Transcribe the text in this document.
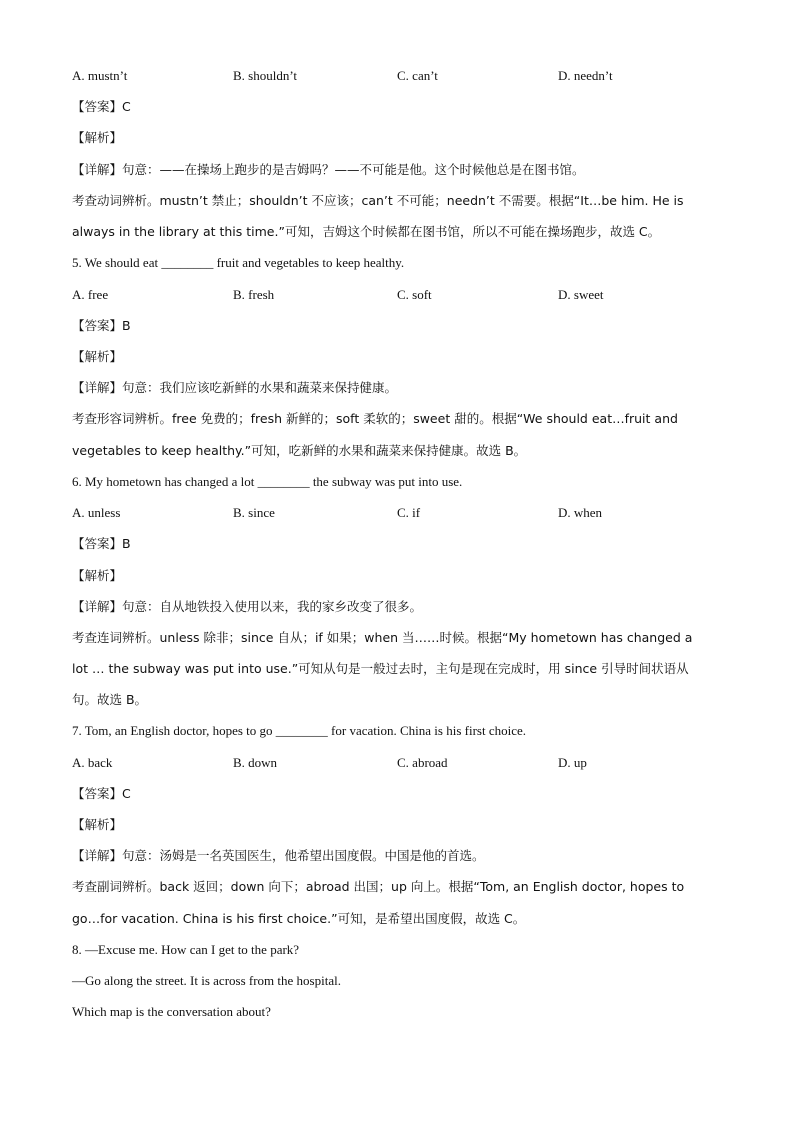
A. mustn’t	B. shouldn’t	C. can’t	D. needn’t
【答案】C
【解析】
【详解】句意：——在操场上跑步的是吉姆吗？——不可能是他。这个时候他总是在图书馆。
考查动词辨析。mustn’t 禁止；shouldn’t 不应该；can’t 不可能；needn’t 不需要。根据“It…be him. He is
always in the library at this time.”可知，吉姆这个时候都在图书馆，所以不可能在操场跑步，故选 C。
5. We should eat ________ fruit and vegetables to keep healthy.
A. free	B. fresh	C. soft	D. sweet
【答案】B
【解析】
【详解】句意：我们应该吃新鲜的水果和蔬菜来保持健康。
考查形容词辨析。free 免费的；fresh 新鲜的；soft 柔软的；sweet 甜的。根据“We should eat…fruit and
vegetables to keep healthy.”可知，吃新鲜的水果和蔬菜来保持健康。故选 B。
6. My hometown has changed a lot ________ the subway was put into use.
A. unless	B. since	C. if	D. when
【答案】B
【解析】
【详解】句意：自从地铁投入使用以来，我的家乡改变了很多。
考查连词辨析。unless 除非；since 自从；if 如果；when 当……时候。根据“My hometown has changed a
lot … the subway was put into use.”可知从句是一般过去时，主句是现在完成时，用 since 引导时间状语从
句。故选 B。
7. Tom, an English doctor, hopes to go ________ for vacation. China is his first choice.
A. back	B. down	C. abroad	D. up
【答案】C
【解析】
【详解】句意：汤姆是一名英国医生，他希望出国度假。中国是他的首选。
考查副词辨析。back 返回；down 向下；abroad 出国；up 向上。根据“Tom, an English doctor, hopes to
go…for vacation. China is his first choice.”可知，是希望出国度假，故选 C。
8. —Excuse me. How can I get to the park?
—Go along the street. It is across from the hospital.
Which map is the conversation about?
